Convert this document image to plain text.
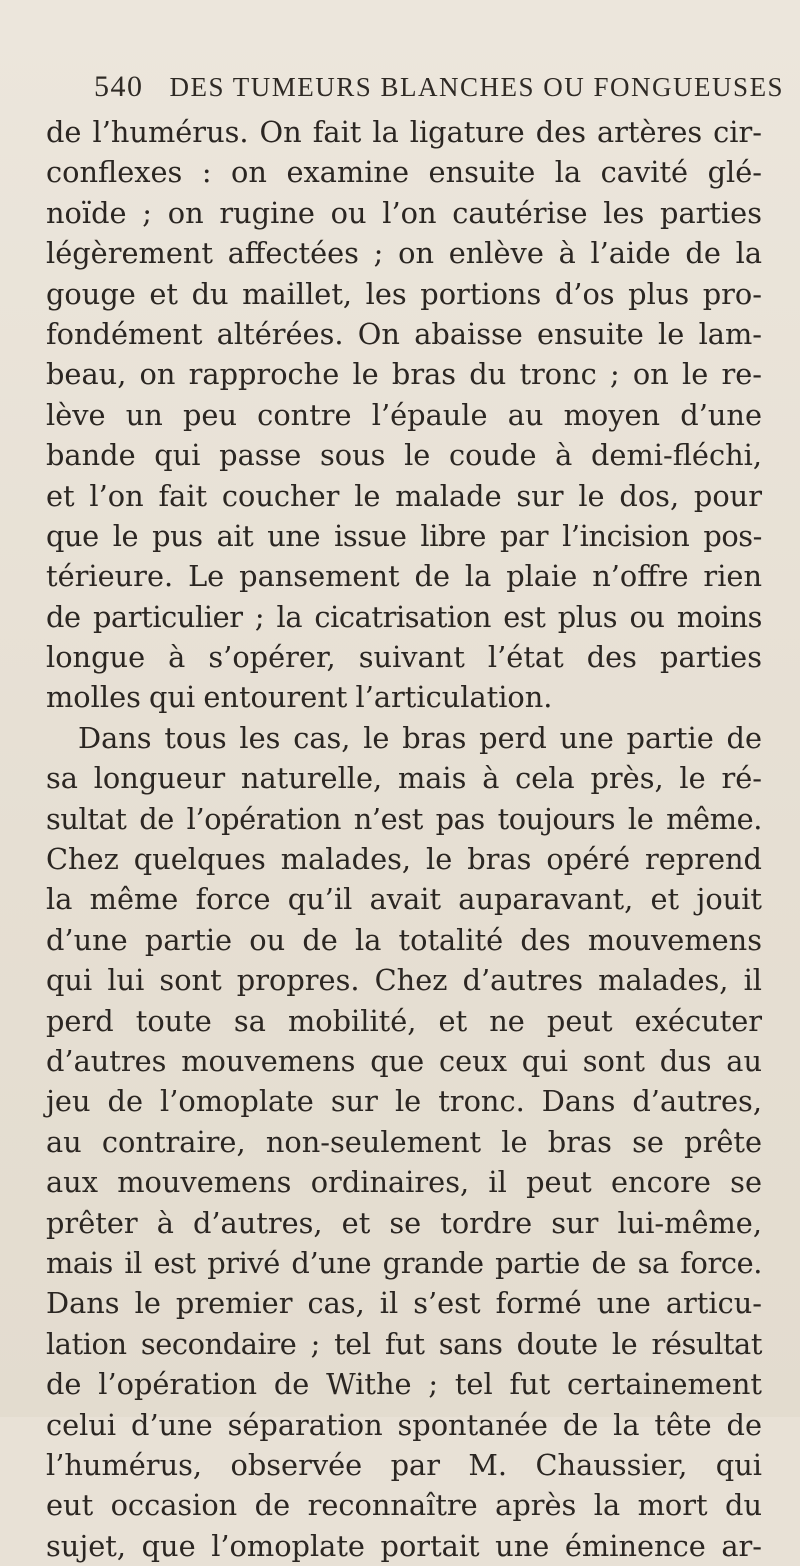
540 DES TUMEURS BLANCHES OU FONGUEUSES
de l’humérus. On fait la ligature des artères cir-
conflexes : on examine ensuite la cavité glé-
noïde ; on rugine ou l’on cautérise les parties
légèrement affectées ; on enlève à l’aide de la
gouge et du maillet, les portions d’os plus pro-
fondément altérées. On abaisse ensuite le lam-
beau, on rapproche le bras du tronc ; on le re-
lève un peu contre l’épaule au moyen d’une
bande qui passe sous le coude à demi-fléchi,
et l’on fait coucher le malade sur le dos, pour
que le pus ait une issue libre par l’incision pos-
térieure. Le pansement de la plaie n’offre rien
de particulier ; la cicatrisation est plus ou moins
longue à s’opérer, suivant l’état des parties
molles qui entourent l’articulation.
Dans tous les cas, le bras perd une partie de
sa longueur naturelle, mais à cela près, le ré-
sultat de l’opération n’est pas toujours le même.
Chez quelques malades, le bras opéré reprend
la même force qu’il avait auparavant, et jouit
d’une partie ou de la totalité des mouvemens
qui lui sont propres. Chez d’autres malades, il
perd toute sa mobilité, et ne peut exécuter
d’autres mouvemens que ceux qui sont dus au
jeu de l’omoplate sur le tronc. Dans d’autres,
au contraire, non-seulement le bras se prête
aux mouvemens ordinaires, il peut encore se
prêter à d’autres, et se tordre sur lui-même,
mais il est privé d’une grande partie de sa force.
Dans le premier cas, il s’est formé une articu-
lation secondaire ; tel fut sans doute le résultat
de l’opération de Withe ; tel fut certainement
celui d’une séparation spontanée de la tête de
l’humérus, observée par M. Chaussier, qui
eut occasion de reconnaître après la mort du
sujet, que l’omoplate portait une éminence ar-
